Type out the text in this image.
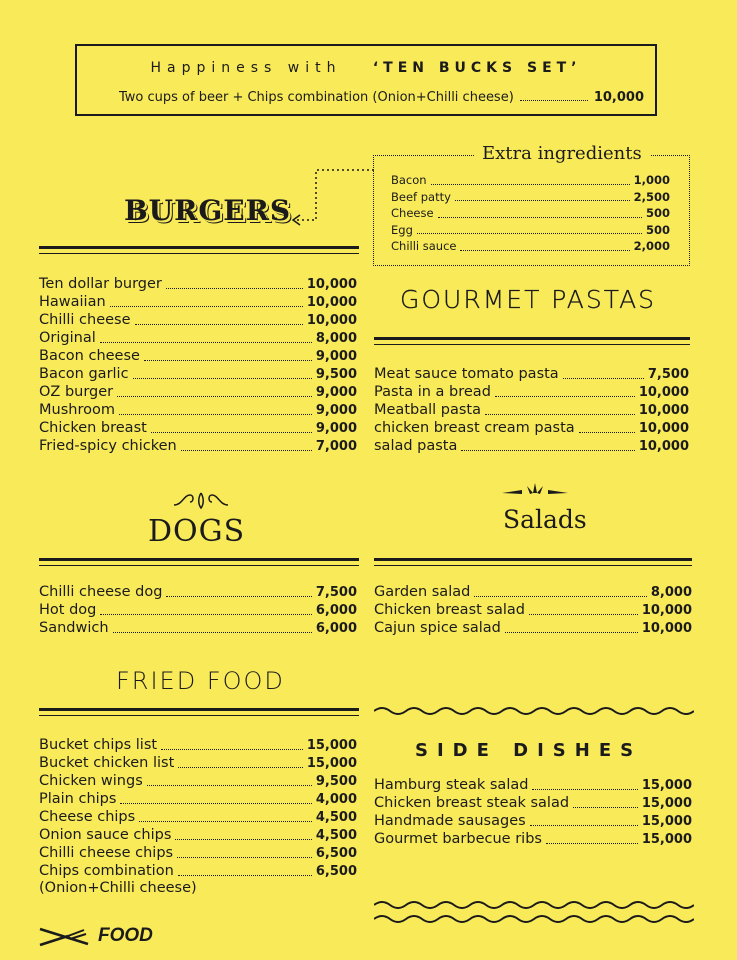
Happiness with ‘TEN BUCKS SET’
Two cups of beer + Chips combination (Onion+Chilli cheese)	10,000
Extra ingredients
Bacon	1,000
Beef patty	2,500
Cheese	500
Egg	500
Chilli sauce	2,000
BURGERS
Ten dollar burger	10,000
Hawaiian	10,000
Chilli cheese	10,000
Original	8,000
Bacon cheese	9,000
Bacon garlic	9,500
OZ burger	9,000
Mushroom	9,000
Chicken breast	9,000
Fried-spicy chicken	7,000
GOURMET PASTAS
Meat sauce tomato pasta	7,500
Pasta in a bread	10,000
Meatball pasta	10,000
chicken breast cream pasta	10,000
salad pasta	10,000
DOGS
Chilli cheese dog	7,500
Hot dog	6,000
Sandwich	6,000
Salads
Garden salad	8,000
Chicken breast salad	10,000
Cajun spice salad	10,000
FRIED FOOD
Bucket chips list	15,000
Bucket chicken list	15,000
Chicken wings	9,500
Plain chips	4,000
Cheese chips	4,500
Onion sauce chips	4,500
Chilli cheese chips	6,500
Chips combination	6,500
(Onion+Chilli cheese)
SIDE DISHES
Hamburg steak salad	15,000
Chicken breast steak salad	15,000
Handmade sausages	15,000
Gourmet barbecue ribs	15,000
FOOD
